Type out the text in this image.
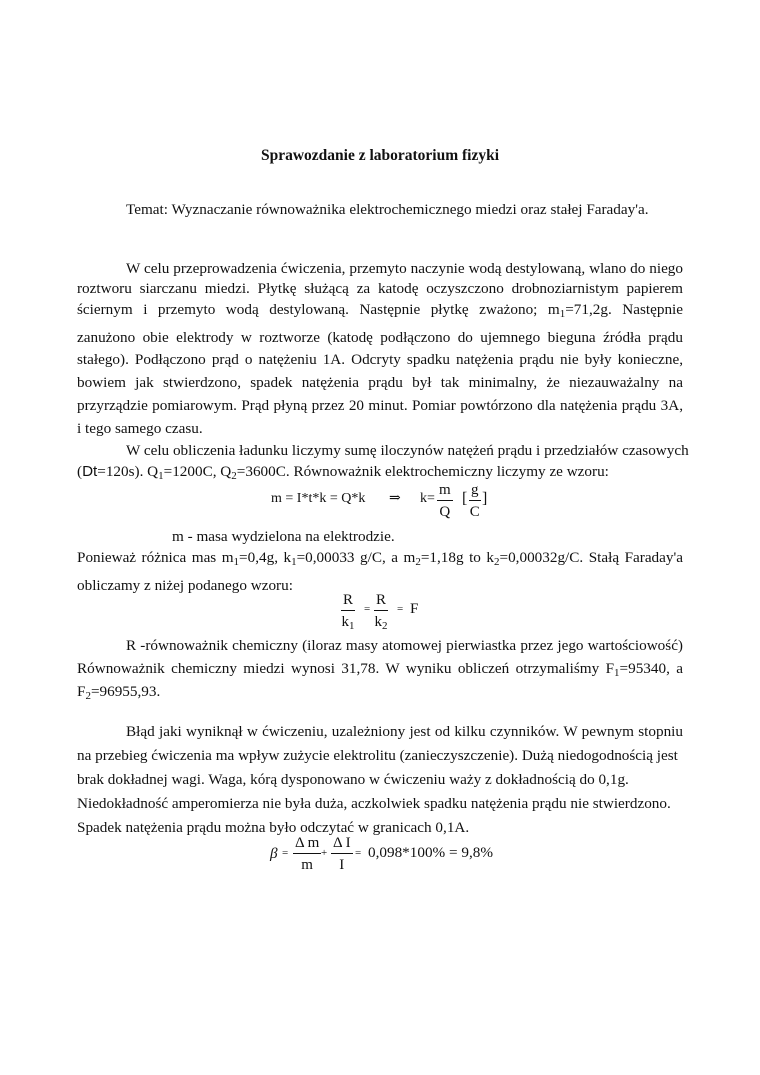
Sprawozdanie z laboratorium fizyki
Temat: Wyznaczanie równoważnika elektrochemicznego miedzi oraz stałej Faraday'a.
W celu przeprowadzenia ćwiczenia, przemyto naczynie wodą destylowaną, wlano do niego
roztworu siarczanu miedzi. Płytkę służącą za katodę oczyszczono drobnoziarnistym papierem
ściernym i przemyto wodą destylowaną. Następnie płytkę zważono; $m_1=71,2g$. Następnie
zanużono obie elektrody w roztworze (katodę podłączono do ujemnego bieguna źródła prądu
stałego). Podłączono prąd o natężeniu 1A. Odcryty spadku natężenia prądu nie były konieczne,
bowiem jak stwierdzono, spadek natężenia prądu był tak minimalny, że niezauważalny na
przyrządzie pomiarowym. Prąd płyną przez 20 minut. Pomiar powtórzono dla natężenia prądu 3A,
i tego samego czasu.
W celu obliczenia ładunku liczymy sumę iloczynów natężeń prądu i przedziałów czasowych
(Dt=120s). $Q_1=1200C$, $Q_2=3600C$. Równoważnik elektrochemiczny liczymy ze wzoru:
m = I*t*k = Q*k ⇒ $k= \frac{m}{Q}$ [ $\frac{g}{C}$ ]
m - masa wydzielona na elektrodzie.
Ponieważ różnica mas $m_1=0,4g$, $k_1=0,00033$ g/C, a $m_2=1,18g$ to $k_2=0,00032g/C$. Stałą Faraday'a
obliczamy z niżej podanego wzoru:
$\frac{R}{k_1} = \frac{R}{k_2} = F$
R -równoważnik chemiczny (iloraz masy atomowej pierwiastka przez jego wartościowość)
Równoważnik chemiczny miedzi wynosi 31,78. W wyniku obliczeń otrzymaliśmy $F_1=95340$, a
$F_2=96955,93$.
Błąd jaki wyniknął w ćwiczeniu, uzależniony jest od kilku czynników. W pewnym stopniu
na przebieg ćwiczenia ma wpływ zużycie elektrolitu (zanieczyszczenie). Dużą niedogodnością jest
brak dokładnej wagi. Waga, kórą dysponowano w ćwiczeniu waży z dokładnością do 0,1g.
Niedokładność amperomierza nie była duża, aczkolwiek spadku natężenia prądu nie stwierdzono.
Spadek natężenia prądu można było odczytać w granicach 0,1A.
$\beta = \frac{\text{Δ m}}{m} + \frac{\text{Δ I}}{I} = 0,098*100\% = 9,8\%$
